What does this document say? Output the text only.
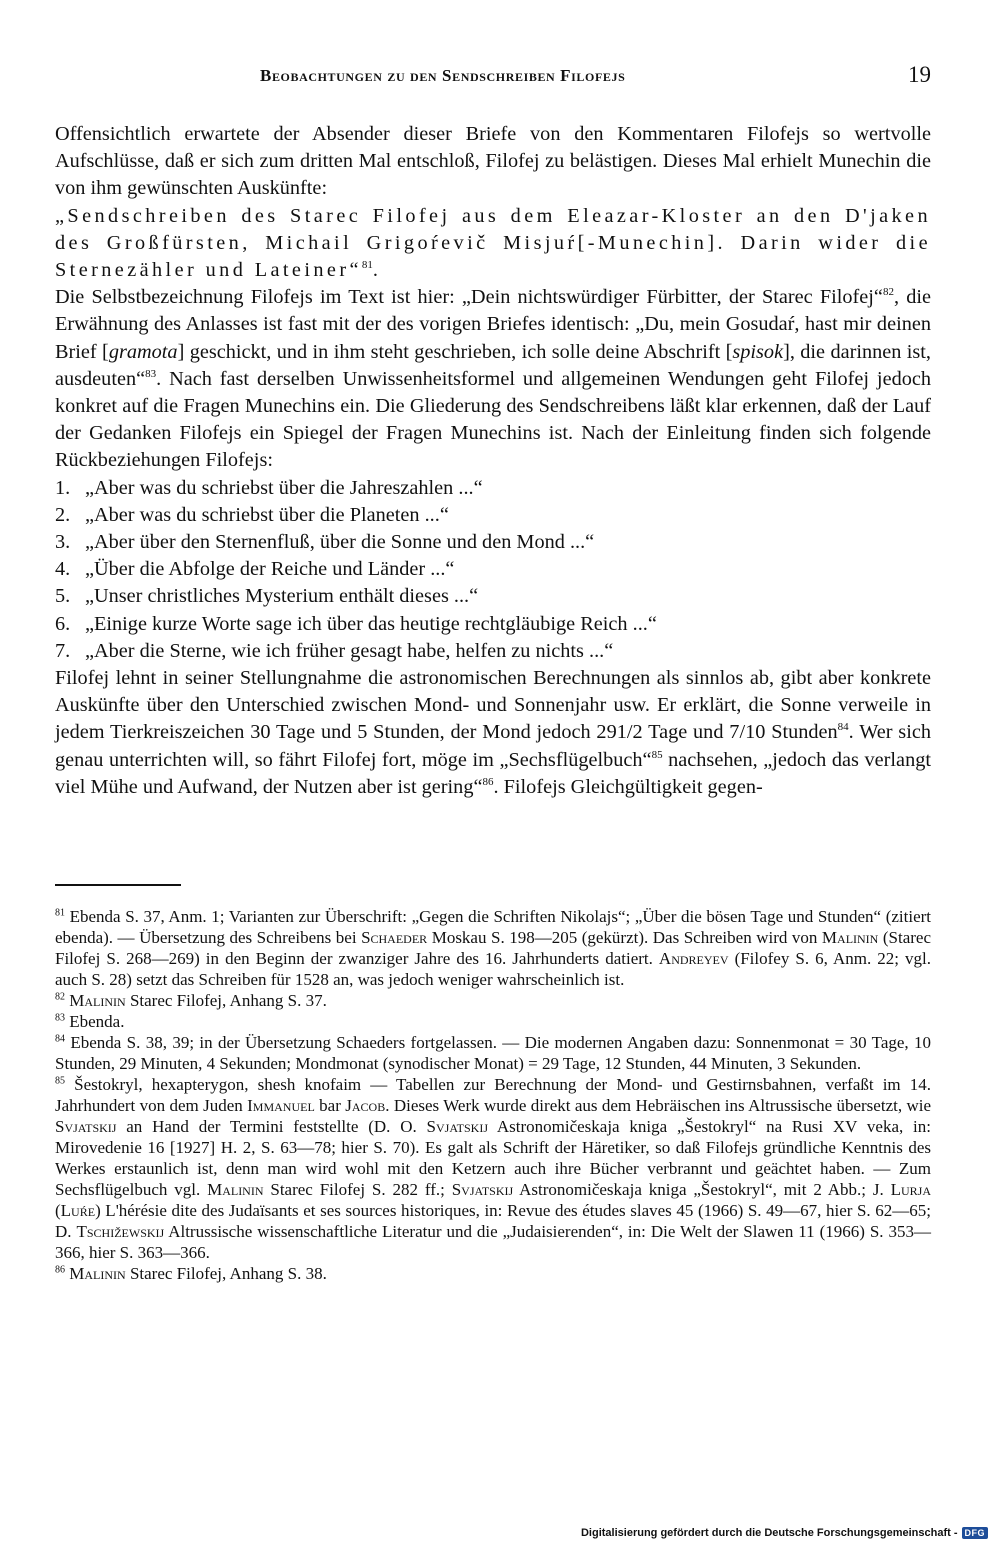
Beobachtungen zu den Sendschreiben Filofejs	19

Offensichtlich erwartete der Absender dieser Briefe von den Kommentaren Filofejs so wertvolle Aufschlüsse, daß er sich zum dritten Mal entschloß, Filofej zu belästigen. Dieses Mal erhielt Munechin die von ihm gewünschten Auskünfte:

„Sendschreiben des Starec Filofej aus dem Eleazar-Kloster an den D'jaken des Großfürsten, Michail Grigoŕevič Misjuŕ[-Munechin]. Darin wider die Sternezähler und Lateiner“$^{81}$.

Die Selbstbezeichnung Filofejs im Text ist hier: „Dein nichtswürdiger Fürbitter, der Starec Filofej“$^{82}$, die Erwähnung des Anlasses ist fast mit der des vorigen Briefes identisch: „Du, mein Gosudaŕ, hast mir deinen Brief [gramota] geschickt, und in ihm steht geschrieben, ich solle deine Abschrift [spisok], die darinnen ist, ausdeuten“$^{83}$. Nach fast derselben Unwissenheitsformel und allgemeinen Wendungen geht Filofej jedoch konkret auf die Fragen Munechins ein. Die Gliederung des Sendschreibens läßt klar erkennen, daß der Lauf der Gedanken Filofejs ein Spiegel der Fragen Munechins ist. Nach der Einleitung finden sich folgende Rückbeziehungen Filofejs:

1. „Aber was du schriebst über die Jahreszahlen ...“
2. „Aber was du schriebst über die Planeten ...“
3. „Aber über den Sternenfluß, über die Sonne und den Mond ...“
4. „Über die Abfolge der Reiche und Länder ...“
5. „Unser christliches Mysterium enthält dieses ...“
6. „Einige kurze Worte sage ich über das heutige rechtgläubige Reich ...“
7. „Aber die Sterne, wie ich früher gesagt habe, helfen zu nichts ...“

Filofej lehnt in seiner Stellungnahme die astronomischen Berechnungen als sinnlos ab, gibt aber konkrete Auskünfte über den Unterschied zwischen Mond- und Sonnenjahr usw. Er erklärt, die Sonne verweile in jedem Tierkreiszeichen 30 Tage und 5 Stunden, der Mond jedoch 291/2 Tage und 7/10 Stunden$^{84}$. Wer sich genau unterrichten will, so fährt Filofej fort, möge im „Sechsflügelbuch“$^{85}$ nachsehen, „jedoch das verlangt viel Mühe und Aufwand, der Nutzen aber ist gering“$^{86}$. Filofejs Gleichgültigkeit gegen-

$^{81}$ Ebenda S. 37, Anm. 1; Varianten zur Überschrift: „Gegen die Schriften Nikolajs“; „Über die bösen Tage und Stunden“ (zitiert ebenda). — Übersetzung des Schreibens bei Schaeder Moskau S. 198—205 (gekürzt). Das Schreiben wird von Malinin (Starec Filofej S. 268—269) in den Beginn der zwanziger Jahre des 16. Jahrhunderts datiert. Andreyev (Filofey S. 6, Anm. 22; vgl. auch S. 28) setzt das Schreiben für 1528 an, was jedoch weniger wahrscheinlich ist.

$^{82}$ Malinin Starec Filofej, Anhang S. 37.

$^{83}$ Ebenda.

$^{84}$ Ebenda S. 38, 39; in der Übersetzung Schaeders fortgelassen. — Die modernen Angaben dazu: Sonnenmonat = 30 Tage, 10 Stunden, 29 Minuten, 4 Sekunden; Mondmonat (synodischer Monat) = 29 Tage, 12 Stunden, 44 Minuten, 3 Sekunden.

$^{85}$ Šestokryl, hexapterygon, shesh knofaim — Tabellen zur Berechnung der Mond- und Gestirnsbahnen, verfaßt im 14. Jahrhundert von dem Juden Immanuel bar Jacob. Dieses Werk wurde direkt aus dem Hebräischen ins Altrussische übersetzt, wie Svjatskij an Hand der Termini feststellte (D. O. Svjatskij Astronomičeskaja kniga „Šestokryl“ na Rusi XV veka, in: Mirovedenie 16 [1927] H. 2, S. 63—78; hier S. 70). Es galt als Schrift der Häretiker, so daß Filofejs gründliche Kenntnis des Werkes erstaunlich ist, denn man wird wohl mit den Ketzern auch ihre Bücher verbrannt und geächtet haben. — Zum Sechsflügelbuch vgl. Malinin Starec Filofej S. 282 ff.; Svjatskij Astronomičeskaja kniga „Šestokryl“, mit 2 Abb.; J. Lurja (Luŕe) L'hérésie dite des Judaïsants et ses sources historiques, in: Revue des études slaves 45 (1966) S. 49—67, hier S. 62—65; D. Tschižewskij Altrussische wissenschaftliche Literatur und die „Judaisierenden“, in: Die Welt der Slawen 11 (1966) S. 353—366, hier S. 363—366.

$^{86}$ Malinin Starec Filofej, Anhang S. 38.

Digitalisierung gefördert durch die Deutsche Forschungsgemeinschaft - DFG
